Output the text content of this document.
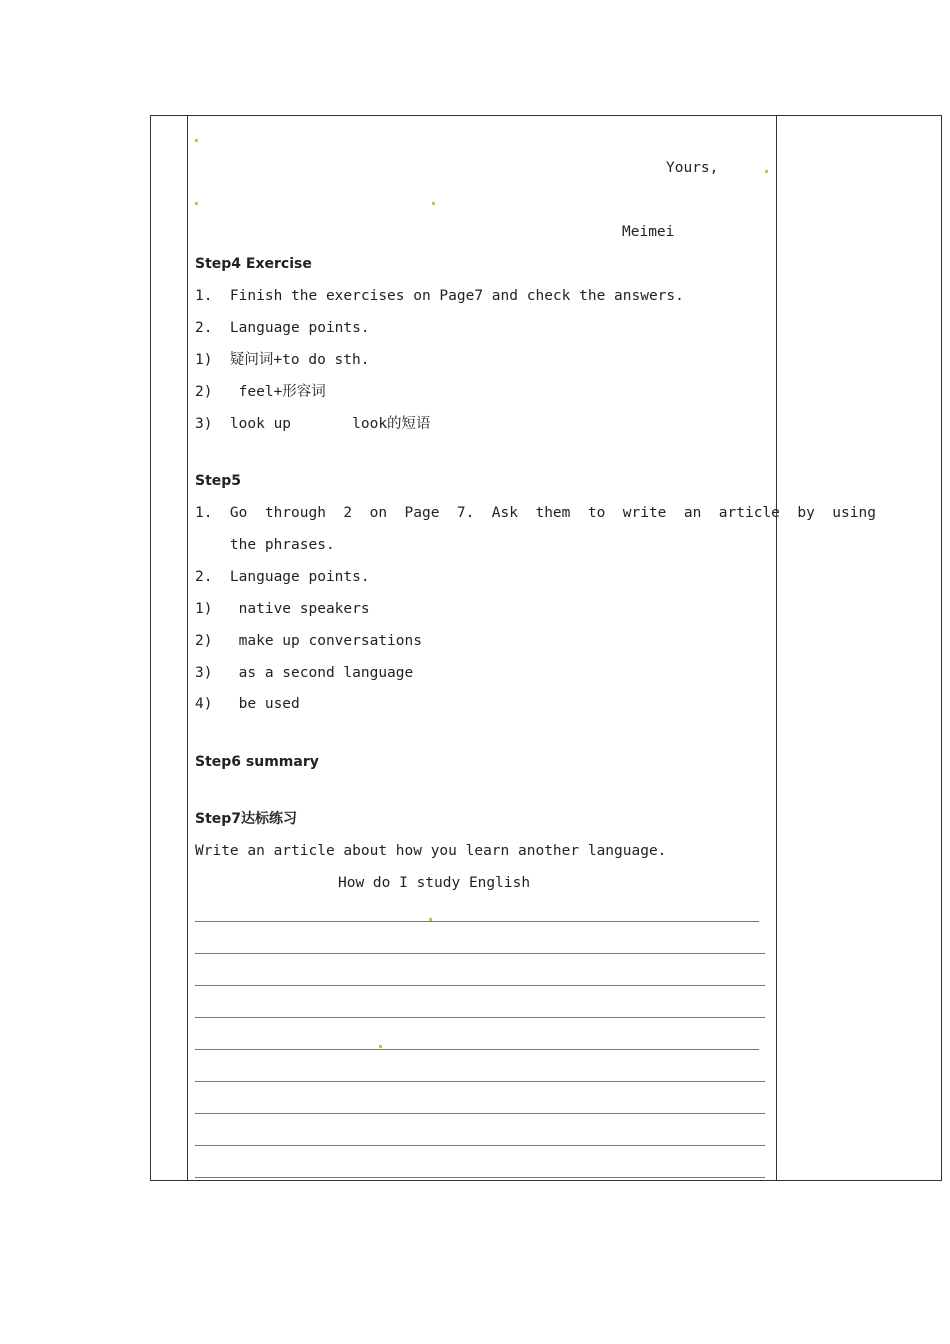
Yours,
Meimei
Step4 Exercise
1.  Finish the exercises on Page7 and check the answers.
2.  Language points.
1)  疑问词+to do sth.
2)   feel+形容词
3)  look up       look的短语
Step5
1.  Go  through  2  on  Page  7.  Ask  them  to  write  an  article  by  using
the phrases.
2.  Language points.
1)   native speakers
2)   make up conversations
3)   as a second language
4)   be used
Step6 summary
Step7达标练习
Write an article about how you learn another language.
How do I study English
